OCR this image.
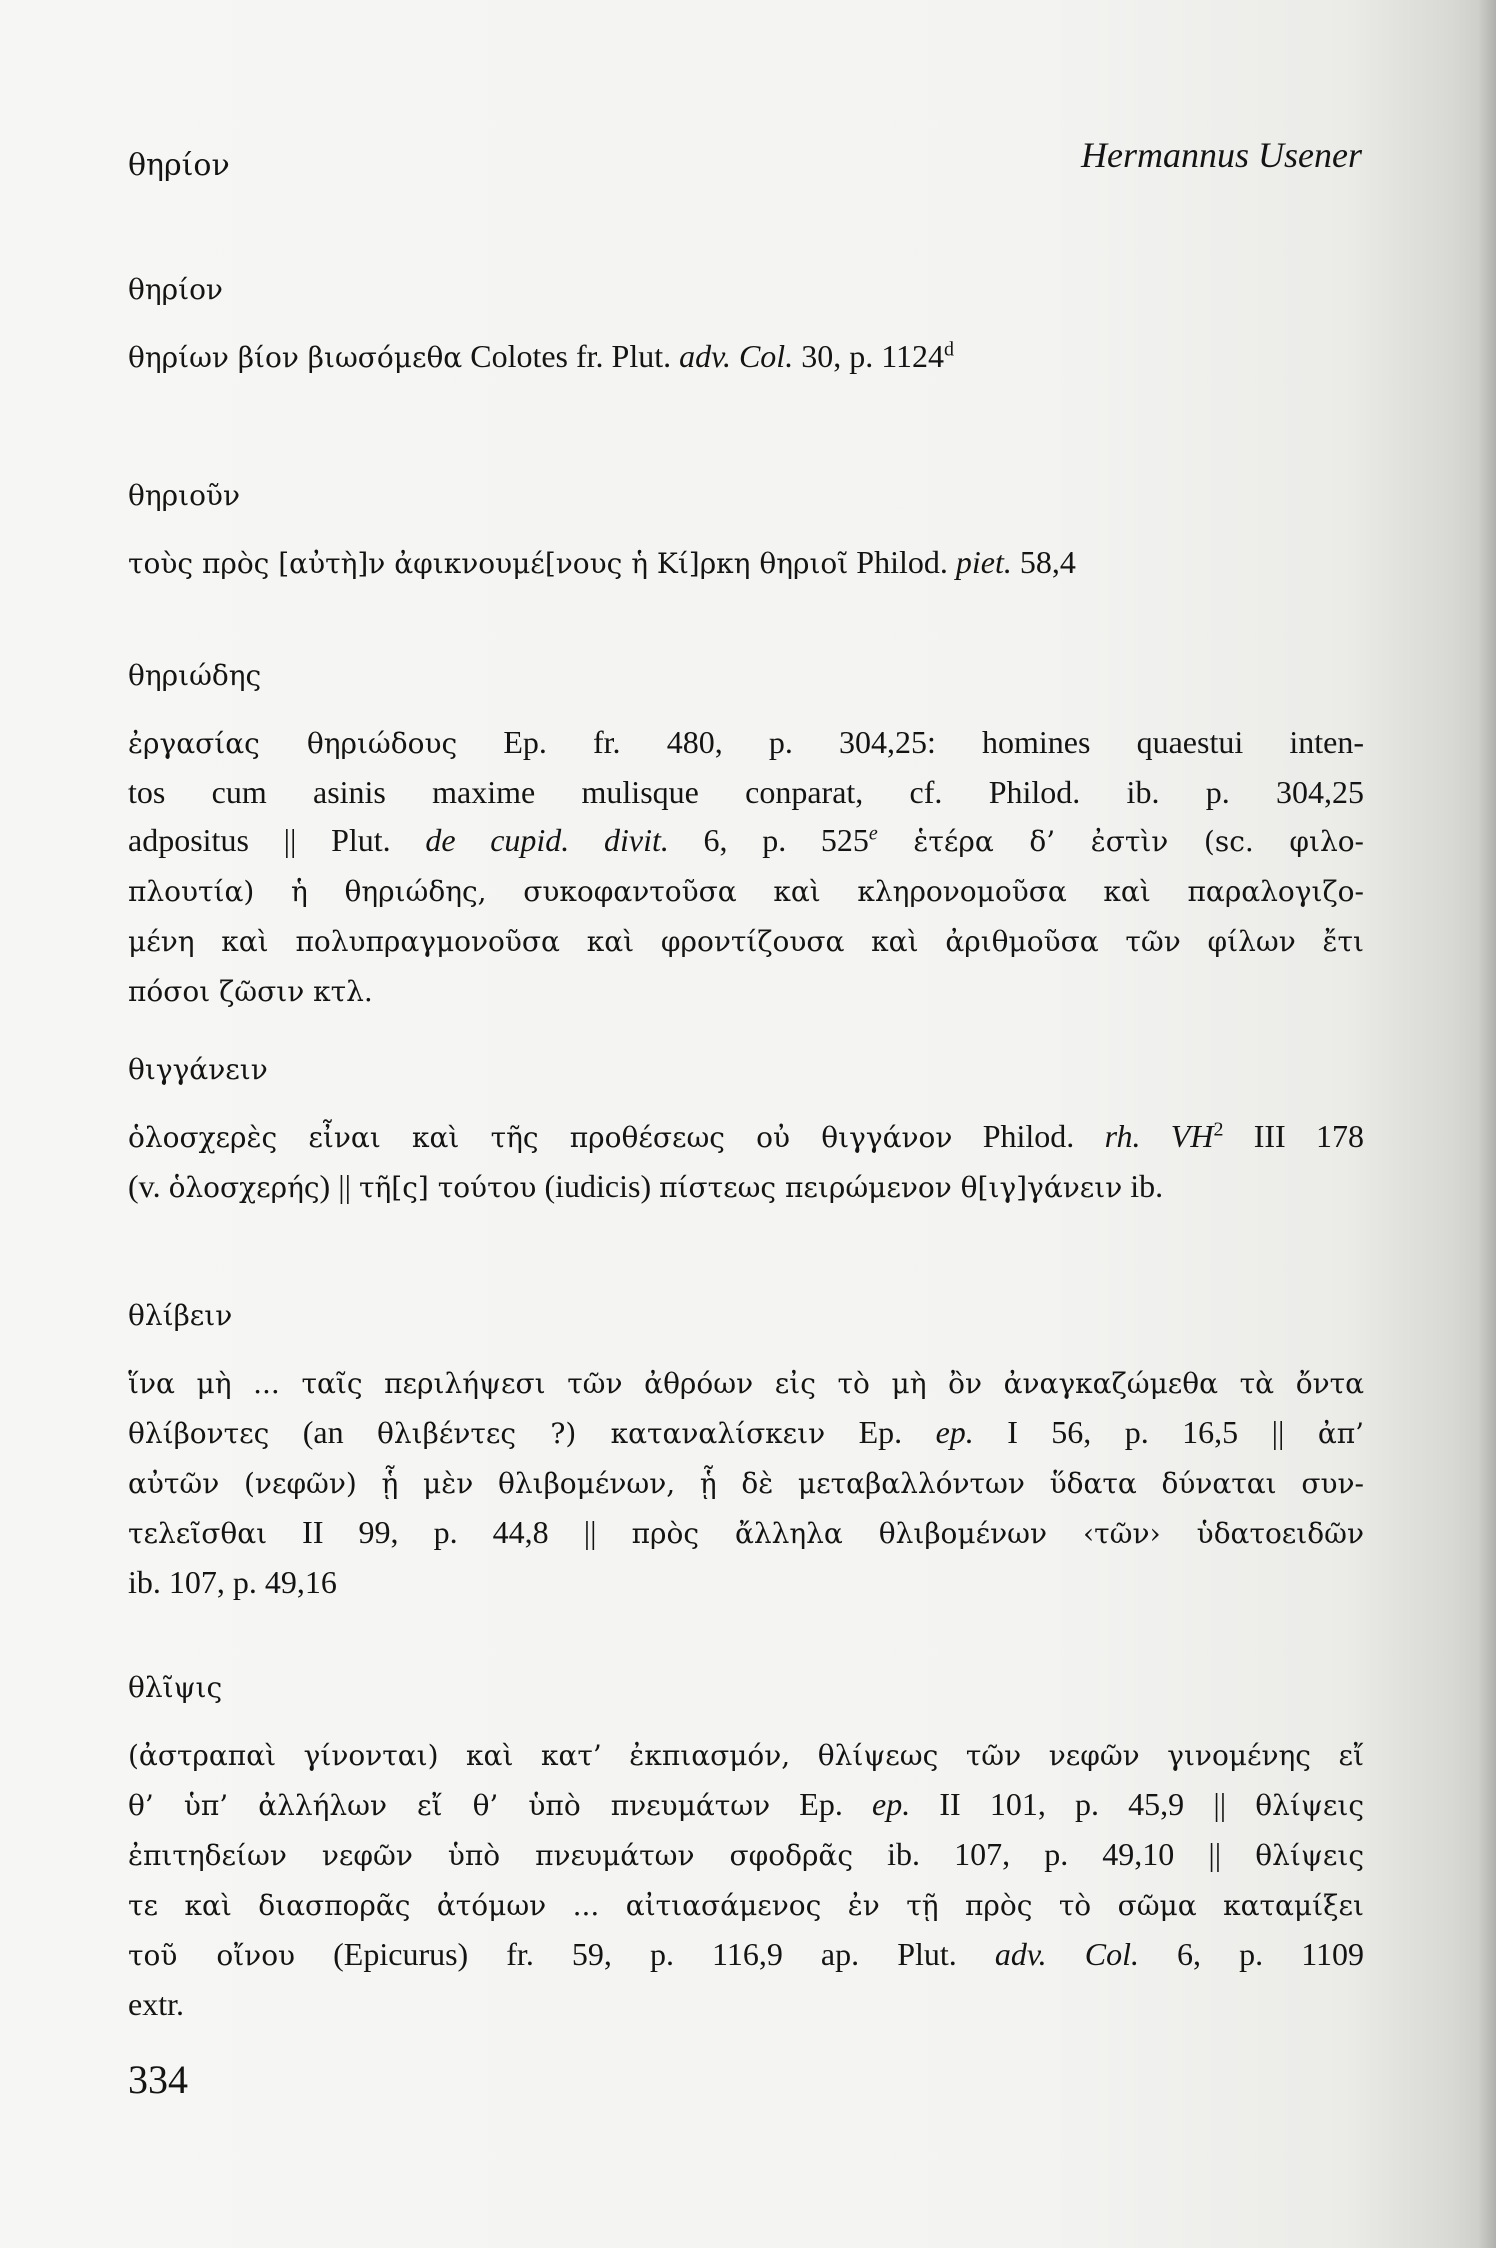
θηρίον	Hermannus Usener
θηρίον
θηρίων βίον βιωσόμεθα Colotes fr. Plut. adv. Col. 30, p. 1124$^d$
θηριοῦν
τοὺς πρὸς [αὐτὴ]ν ἀφικνουμέ[νους ἡ Κί]ρκη θηριοῖ Philod. piet. 58,4
θηριώδης
ἐργασίας θηριώδους Ep. fr. 480, p. 304,25: homines quaestui inten-
tos cum asinis maxime mulisque conparat, cf. Philod. ib. p. 304,25
adpositus || Plut. de cupid. divit. 6, p. 525e ἑτέρα δ’ ἐστὶν (sc. φιλο-
πλουτία) ἡ θηριώδης, συκοφαντοῦσα καὶ κληρονομοῦσα καὶ παραλογιζο-
μένη καὶ πολυπραγμονοῦσα καὶ φροντίζουσα καὶ ἀριθμοῦσα τῶν φίλων ἔτι
πόσοι ζῶσιν κτλ.
θιγγάνειν
ὁλοσχερὲς εἶναι καὶ τῆς προθέσεως οὐ θιγγάνον Philod. rh. $VH^2$ III 178
(v. ὁλοσχερής) || τῆ[ς] τούτου (iudicis) πίστεως πειρώμενον θ[ιγ]γάνειν ib.
θλίβειν
ἵνα μὴ ... ταῖς περιλήψεσι τῶν ἀθρόων εἰς τὸ μὴ ὂν ἀναγκαζώμεθα τὰ ὄντα
θλίβοντες (an θλιβέντες ?) καταναλίσκειν Ep. ep. I 56, p. 16,5 || ἀπ’
αὐτῶν (νεφῶν) ᾗ μὲν θλιβομένων, ᾗ δὲ μεταβαλλόντων ὕδατα δύναται συν-
τελεῖσθαι II 99, p. 44,8 || πρὸς ἄλληλα θλιβομένων ‹τῶν› ὑδατοειδῶν
ib. 107, p. 49,16
θλῖψις
(ἀστραπαὶ γίνονται) καὶ κατ’ ἐκπιασμόν, θλίψεως τῶν νεφῶν γινομένης εἴ
θ’ ὑπ’ ἀλλήλων εἴ θ’ ὑπὸ πνευμάτων Ep. ep. II 101, p. 45,9 || θλίψεις
ἐπιτηδείων νεφῶν ὑπὸ πνευμάτων σφοδρᾶς ib. 107, p. 49,10 || θλίψεις
τε καὶ διασπορᾶς ἀτόμων ... αἰτιασάμενος ἐν τῇ πρὸς τὸ σῶμα καταμίξει
τοῦ οἴνου (Epicurus) fr. 59, p. 116,9 ap. Plut. adv. Col. 6, p. 1109
extr.
334
